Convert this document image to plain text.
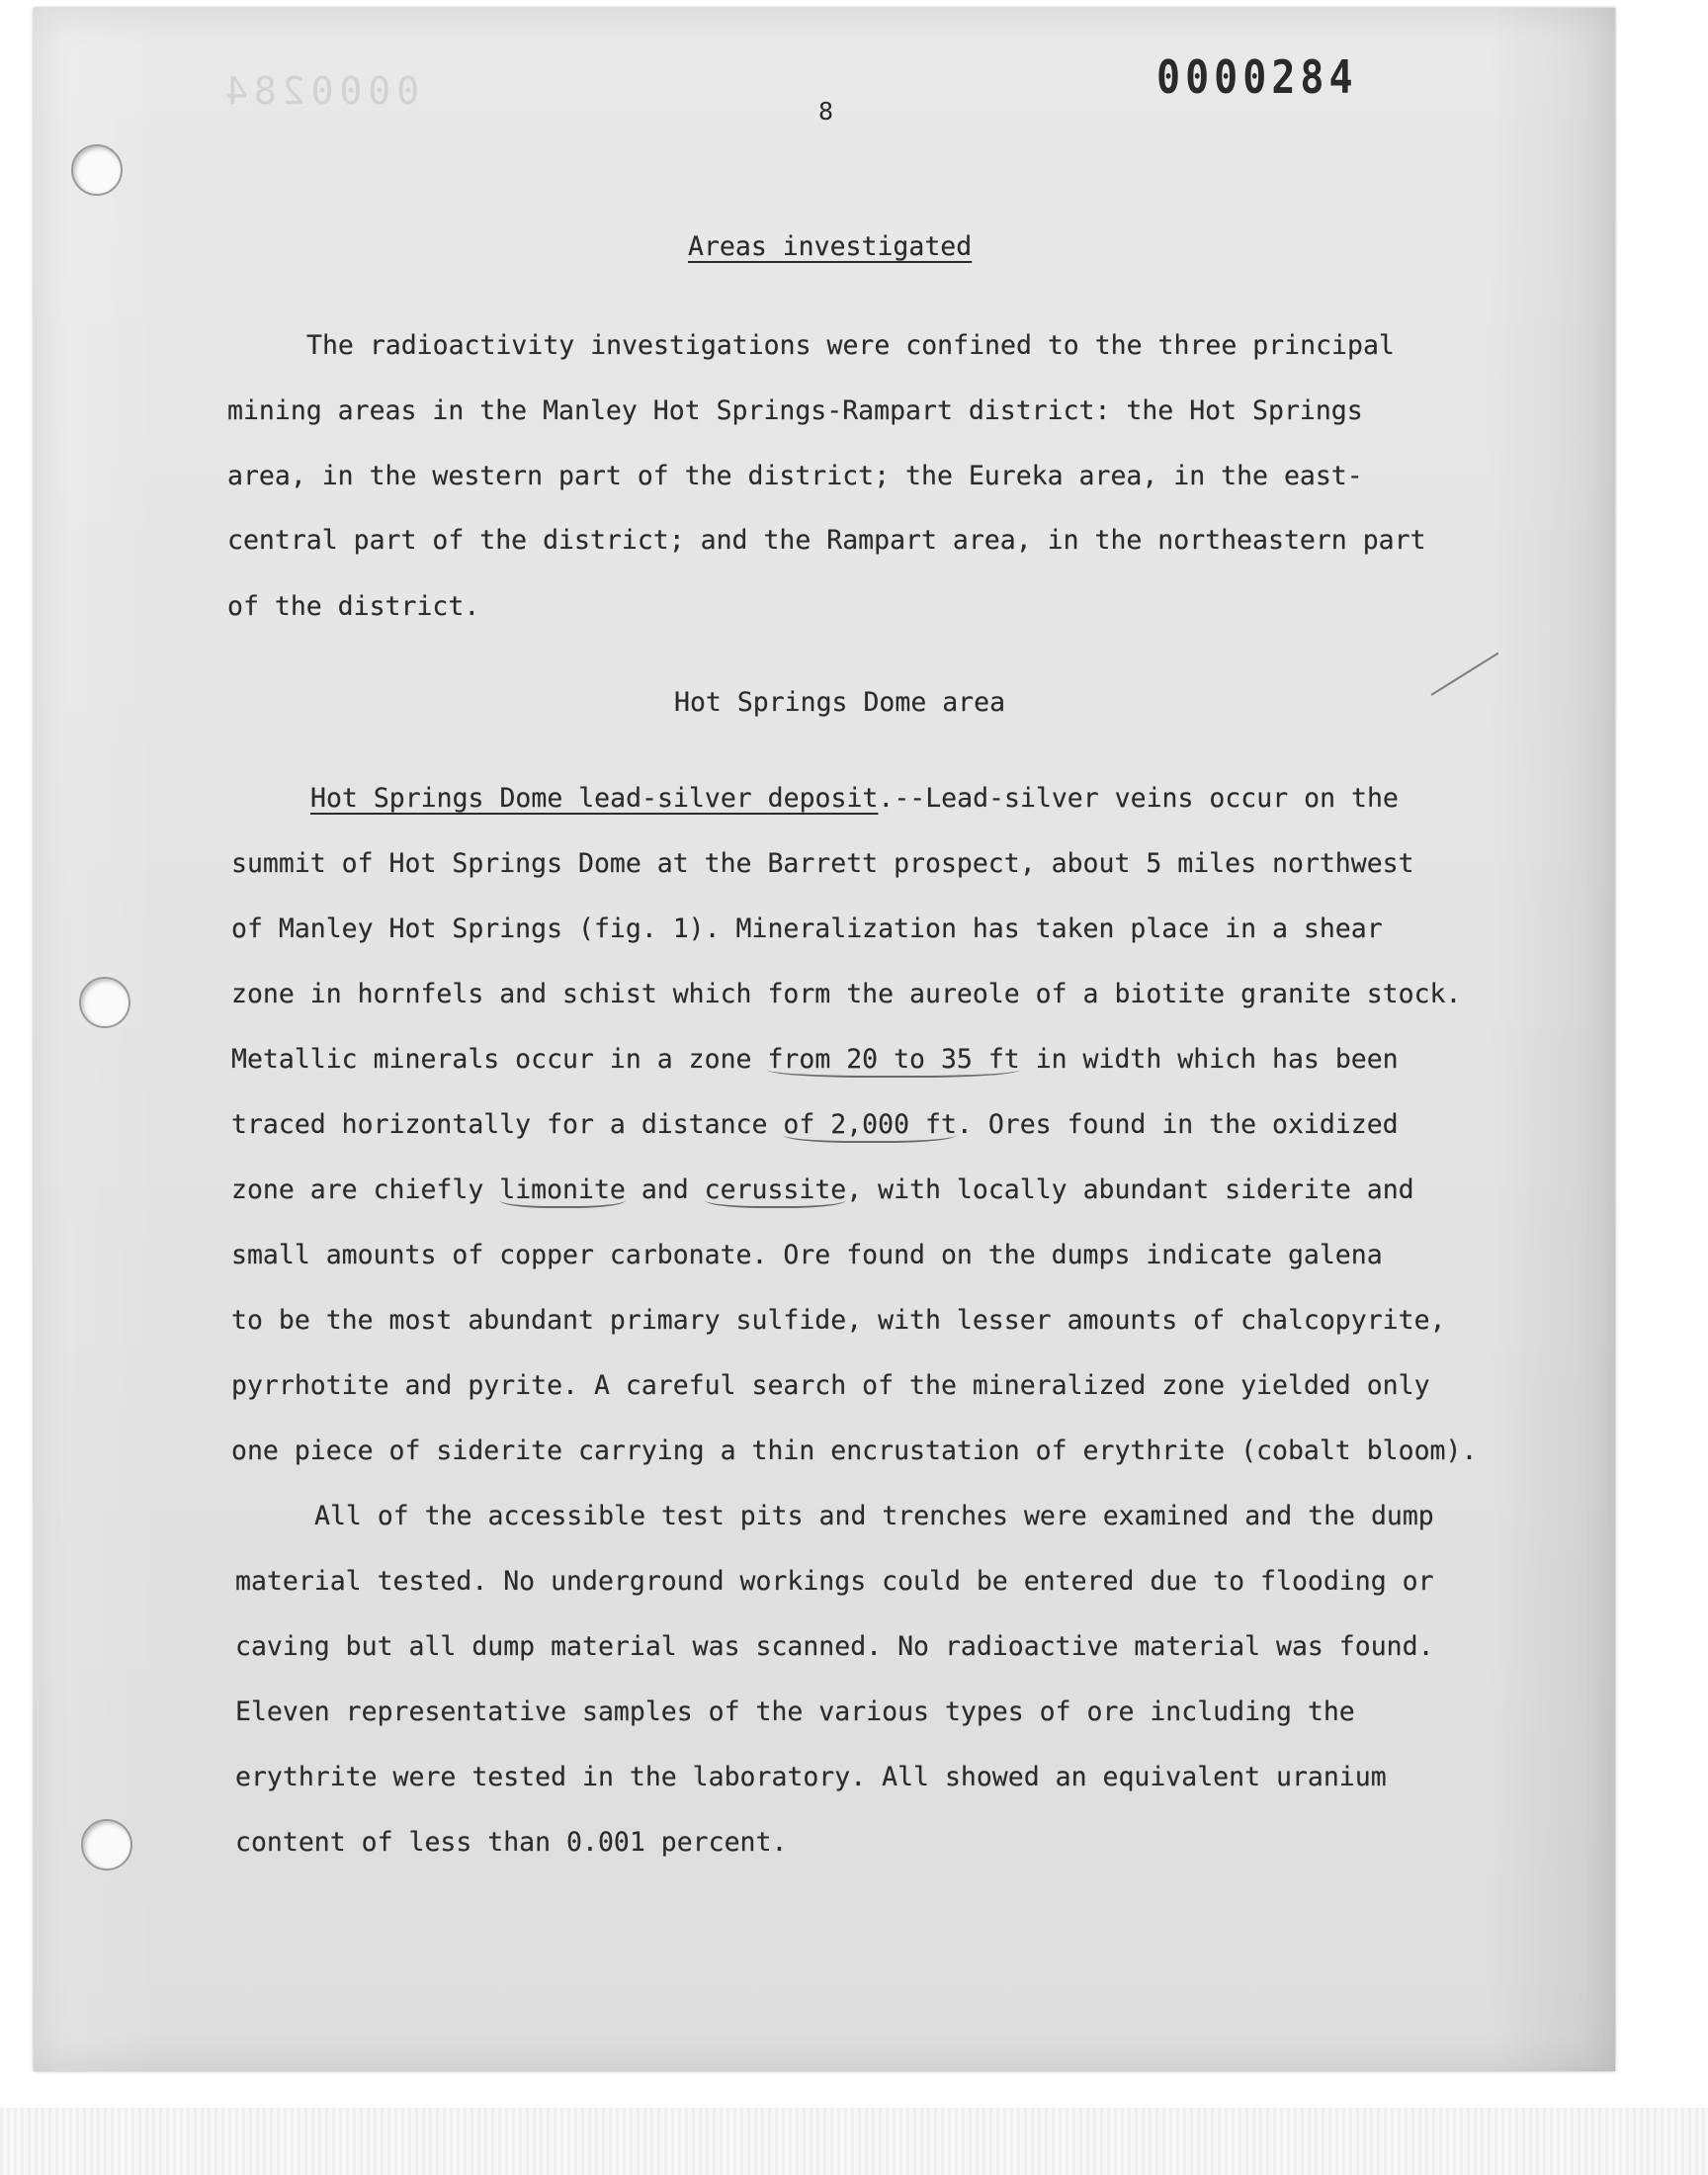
0000284	0000284
8
Areas investigated
The radioactivity investigations were confined to the three principal
mining areas in the Manley Hot Springs-Rampart district: the Hot Springs
area, in the western part of the district; the Eureka area, in the east-
central part of the district; and the Rampart area, in the northeastern part
of the district.
Hot Springs Dome area
Hot Springs Dome lead-silver deposit.--Lead-silver veins occur on the
summit of Hot Springs Dome at the Barrett prospect, about 5 miles northwest
of Manley Hot Springs (fig. 1). Mineralization has taken place in a shear
zone in hornfels and schist which form the aureole of a biotite granite stock.
Metallic minerals occur in a zone from 20 to 35 ft in width which has been
traced horizontally for a distance of 2,000 ft. Ores found in the oxidized
zone are chiefly limonite and cerussite, with locally abundant siderite and
small amounts of copper carbonate. Ore found on the dumps indicate galena
to be the most abundant primary sulfide, with lesser amounts of chalcopyrite,
pyrrhotite and pyrite. A careful search of the mineralized zone yielded only
one piece of siderite carrying a thin encrustation of erythrite (cobalt bloom).
All of the accessible test pits and trenches were examined and the dump
material tested. No underground workings could be entered due to flooding or
caving but all dump material was scanned. No radioactive material was found.
Eleven representative samples of the various types of ore including the
erythrite were tested in the laboratory. All showed an equivalent uranium
content of less than 0.001 percent.
